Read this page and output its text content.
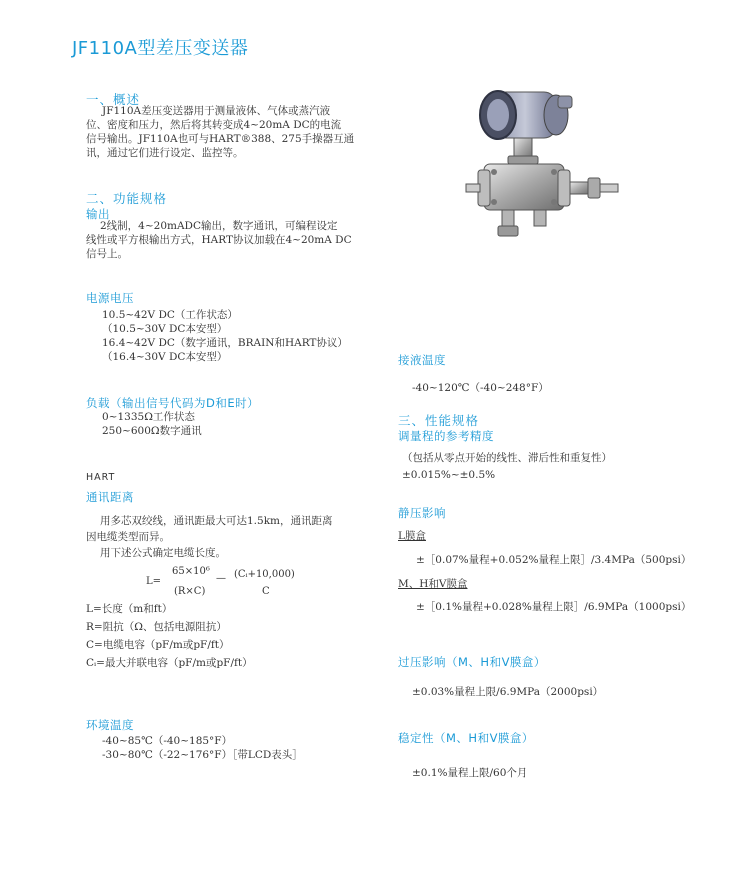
JF110A型差压变送器
一、概述
JF110A差压变送器用于测量液体、气体或蒸汽液
位、密度和压力，然后将其转变成4~20mA DC的电流
信号输出。JF110A也可与HART®388、275手操器互通
讯，通过它们进行设定、监控等。
二、功能规格
输出
2线制，4~20mADC输出，数字通讯，可编程设定
线性或平方根输出方式，HART协议加载在4~20mA DC
信号上。
电源电压
10.5~42V DC（工作状态）
（10.5~30V DC本安型）
16.4~42V DC（数字通讯，BRAIN和HART协议）
（16.4~30V DC本安型）
负载（输出信号代码为D和E时）
0~1335Ω工作状态
250~600Ω数字通讯
HART
通讯距离
用多芯双绞线，通讯距最大可达1.5km，通讯距离
因电缆类型而异。
用下述公式确定电缆长度。
L=
65×10⁶
(R×C)
— (Cᵢ+10,000)
C
L=长度（m和ft）
R=阻抗（Ω、包括电源阻抗）
C=电缆电容（pF/m或pF/ft）
Cᵢ=最大并联电容（pF/m或pF/ft）
环境温度
-40~85℃（-40~185°F）
-30~80℃（-22~176°F）［带LCD表头］
接液温度
-40~120℃（-40~248°F）
三、性能规格
调量程的参考精度
（包括从零点开始的线性、滞后性和重复性）
±0.015%~±0.5%
静压影响
L膜盒
±［0.07%量程+0.052%量程上限］/3.4MPa（500psi）
M、H和V膜盒
±［0.1%量程+0.028%量程上限］/6.9MPa（1000psi）
过压影响（M、H和V膜盒）
±0.03%量程上限/6.9MPa（2000psi）
稳定性（M、H和V膜盒）
±0.1%量程上限/60个月
